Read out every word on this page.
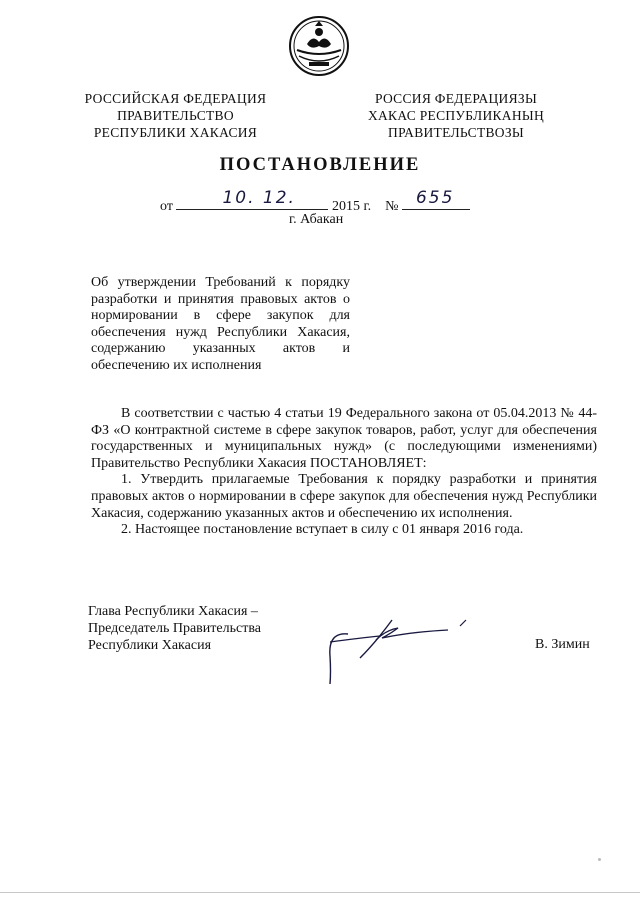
РОССИЙСКАЯ ФЕДЕРАЦИЯ
ПРАВИТЕЛЬСТВО
РЕСПУБЛИКИ ХАКАСИЯ
РОССИЯ ФЕДЕРАЦИЯЗЫ
ХАКАС РЕСПУБЛИКАНЫҢ
ПРАВИТЕЛЬСТВОЗЫ
ПОСТАНОВЛЕНИЕ
от	10. 12.	2015 г. № 655
г. Абакан

Об утверждении Требований к порядку разработки и принятия правовых актов о нормировании в сфере закупок для обеспечения нужд Республики Хакасия, содержанию указанных актов и обеспечению их исполнения

В соответствии с частью 4 статьи 19 Федерального закона от 05.04.2013 № 44-ФЗ «О контрактной системе в сфере закупок товаров, работ, услуг для обеспечения государственных и муниципальных нужд» (с последующими изменениями) Правительство Республики Хакасия ПОСТАНОВЛЯЕТ:

1. Утвердить прилагаемые Требования к порядку разработки и принятия правовых актов о нормировании в сфере закупок для обеспечения нужд Республики Хакасия, содержанию указанных актов и обеспечению их исполнения.

2. Настоящее постановление вступает в силу с 01 января 2016 года.

Глава Республики Хакасия –
Председатель Правительства
Республики Хакасия	В. Зимин
